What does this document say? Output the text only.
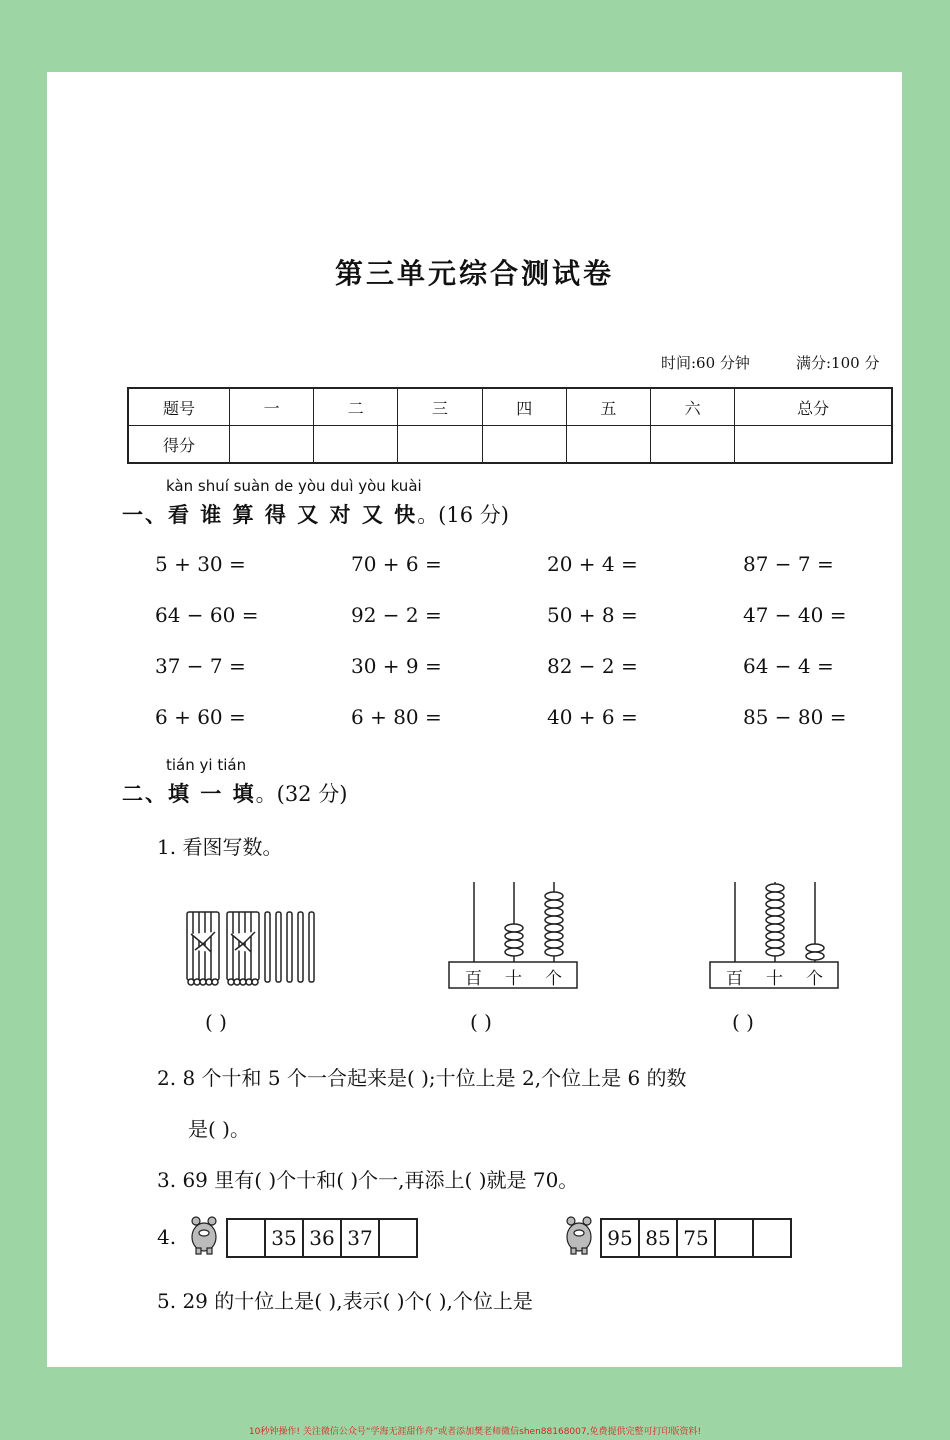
第三单元综合测试卷
时间:60 分钟	满分:100 分
题号	一	二	三	四	五	六	总分
得分							
kàn shuí suàn de yòu duì yòu kuài
一、看 谁 算 得 又 对 又 快。(16 分)
5 + 30 =	70 + 6 =	20 + 4 =	87 − 7 =
64 − 60 =	92 − 2 =	50 + 8 =	47 − 40 =
37 − 7 =	30 + 9 =	82 − 2 =	64 − 4 =
6 + 60 =	6 + 80 =	40 + 6 =	85 − 80 =
tián yi tián
二、填 一 填。(32 分)
1. 看图写数。
百 十 个	百 十 个
( )	( )	( )
2. 8 个十和 5 个一合起来是( );十位上是 2,个位上是 6 的数
是( )。
3. 69 里有( )个十和( )个一,再添上( )就是 70。
4.	35 36 37	95 85 75
5. 29 的十位上是( ),表示( )个( ),个位上是
10秒钟操作! 关注微信公众号“学海无涯甜作舟”或者添加樊老师微信shen88168007,免费提供完整可打印版资料!
